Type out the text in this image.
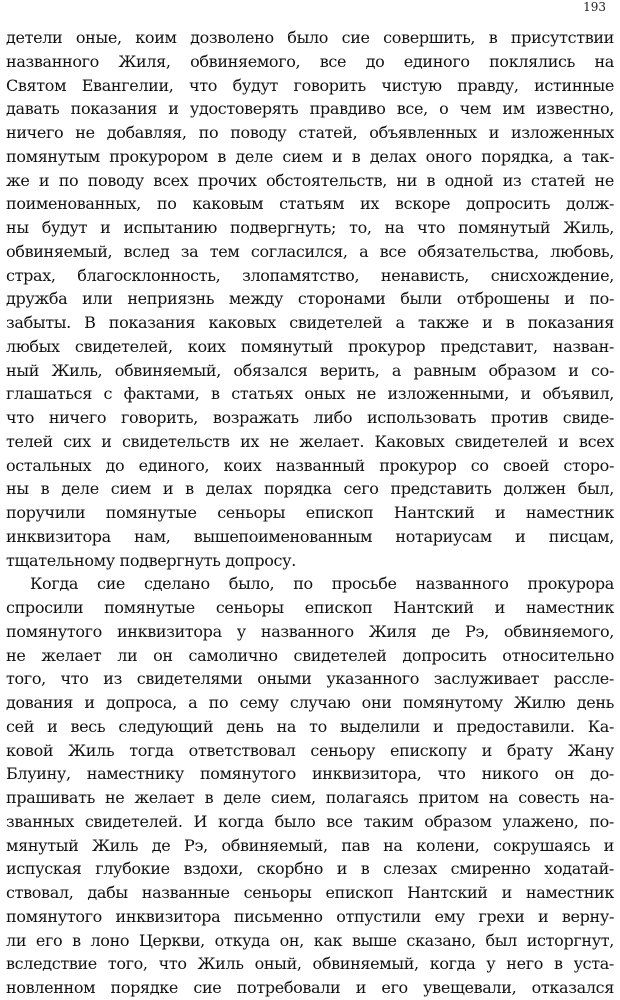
193
детели оные, коим дозволено было сие совершить, в присутствии
названного Жиля, обвиняемого, все до единого поклялись на
Святом Евангелии, что будут говорить чистую правду, истинные
давать показания и удостоверять правдиво все, о чем им известно,
ничего не добавляя, по поводу статей, объявленных и изложенных
помянутым прокурором в деле сием и в делах оного порядка, а так-
же и по поводу всех прочих обстоятельств, ни в одной из статей не
поименованных, по каковым статьям их вскоре допросить долж-
ны будут и испытанию подвергнуть; то, на что помянутый Жиль,
обвиняемый, вслед за тем согласился, а все обязательства, любовь,
страх, благосклонность, злопамятство, ненависть, снисхождение,
дружба или неприязнь между сторонами были отброшены и по-
забыты. В показания каковых свидетелей а также и в показания
любых свидетелей, коих помянутый прокурор представит, назван-
ный Жиль, обвиняемый, обязался верить, а равным образом и со-
глашаться с фактами, в статьях оных не изложенными, и объявил,
что ничего говорить, возражать либо использовать против свиде-
телей сих и свидетельств их не желает. Каковых свидетелей и всех
остальных до единого, коих названный прокурор со своей сторо-
ны в деле сием и в делах порядка сего представить должен был,
поручили помянутые сеньоры епископ Нантский и наместник
инквизитора нам, вышепоименованным нотариусам и писцам,
тщательному подвергнуть допросу.
Когда сие сделано было, по просьбе названного прокурора
спросили помянутые сеньоры епископ Нантский и наместник
помянутого инквизитора у названного Жиля де Рэ, обвиняемого,
не желает ли он самолично свидетелей допросить относительно
того, что из свидетелями оными указанного заслуживает рассле-
дования и допроса, а по сему случаю они помянутому Жилю день
сей и весь следующий день на то выделили и предоставили. Ка-
ковой Жиль тогда ответствовал сеньору епископу и брату Жану
Блуину, наместнику помянутого инквизитора, что никого он до-
прашивать не желает в деле сием, полагаясь притом на совесть на-
званных свидетелей. И когда было все таким образом улажено, по-
мянутый Жиль де Рэ, обвиняемый, пав на колени, сокрушаясь и
испуская глубокие вздохи, скорбно и в слезах смиренно ходатай-
ствовал, дабы названные сеньоры епископ Нантский и наместник
помянутого инквизитора письменно отпустили ему грехи и верну-
ли его в лоно Церкви, откуда он, как выше сказано, был исторгнут,
вследствие того, что Жиль оный, обвиняемый, когда у него в уста-
новленном порядке сие потребовали и его увещевали, отказался
